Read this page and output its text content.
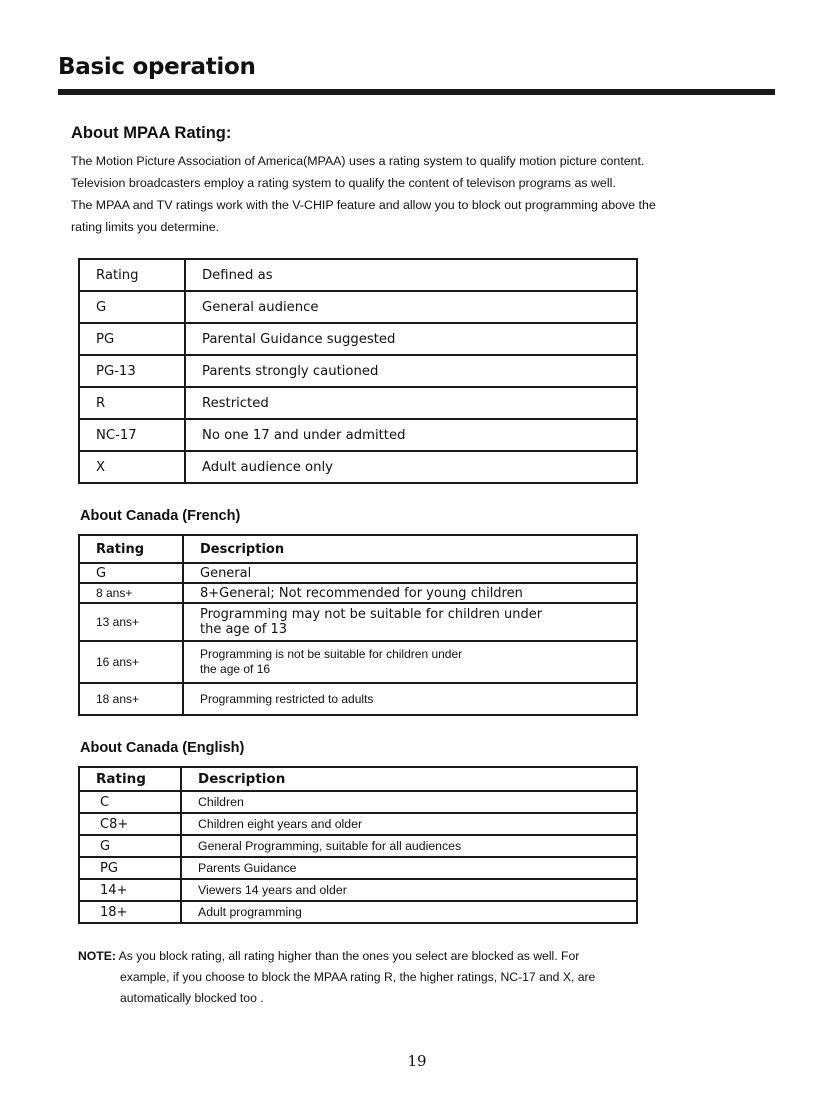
Basic operation
About MPAA Rating:

The Motion Picture Association of America(MPAA) uses a rating system to qualify motion picture content.

Television broadcasters employ a rating system to qualify the content of televison programs as well.

The MPAA and TV ratings work with the V-CHIP feature and allow you to block out programming above the

rating limits you determine.

Rating	Defined as
G	General audience
PG	Parental Guidance suggested
PG-13	Parents strongly cautioned
R	Restricted
NC-17	No one 17 and under admitted
X	Adult audience only
About Canada (French)
Rating	Description
G	General
8 ans+	8+General; Not recommended for young children
13 ans+	Programming may not be suitable for children under
the age of 13

16 ans+	Programming is not be suitable for children under
the age of 16

18 ans+	Programming restricted to adults
About Canada (English)
Rating	Description
C	Children
C8+	Children eight years and older
G	General Programming, suitable for all audiences
PG	Parents Guidance
14+	Viewers 14 years and older
18+	Adult programming

NOTE: As you block rating, all rating higher than the ones you select are blocked as well. For

example, if you choose to block the MPAA rating R, the higher ratings, NC-17 and X, are

automatically blocked too .

19
